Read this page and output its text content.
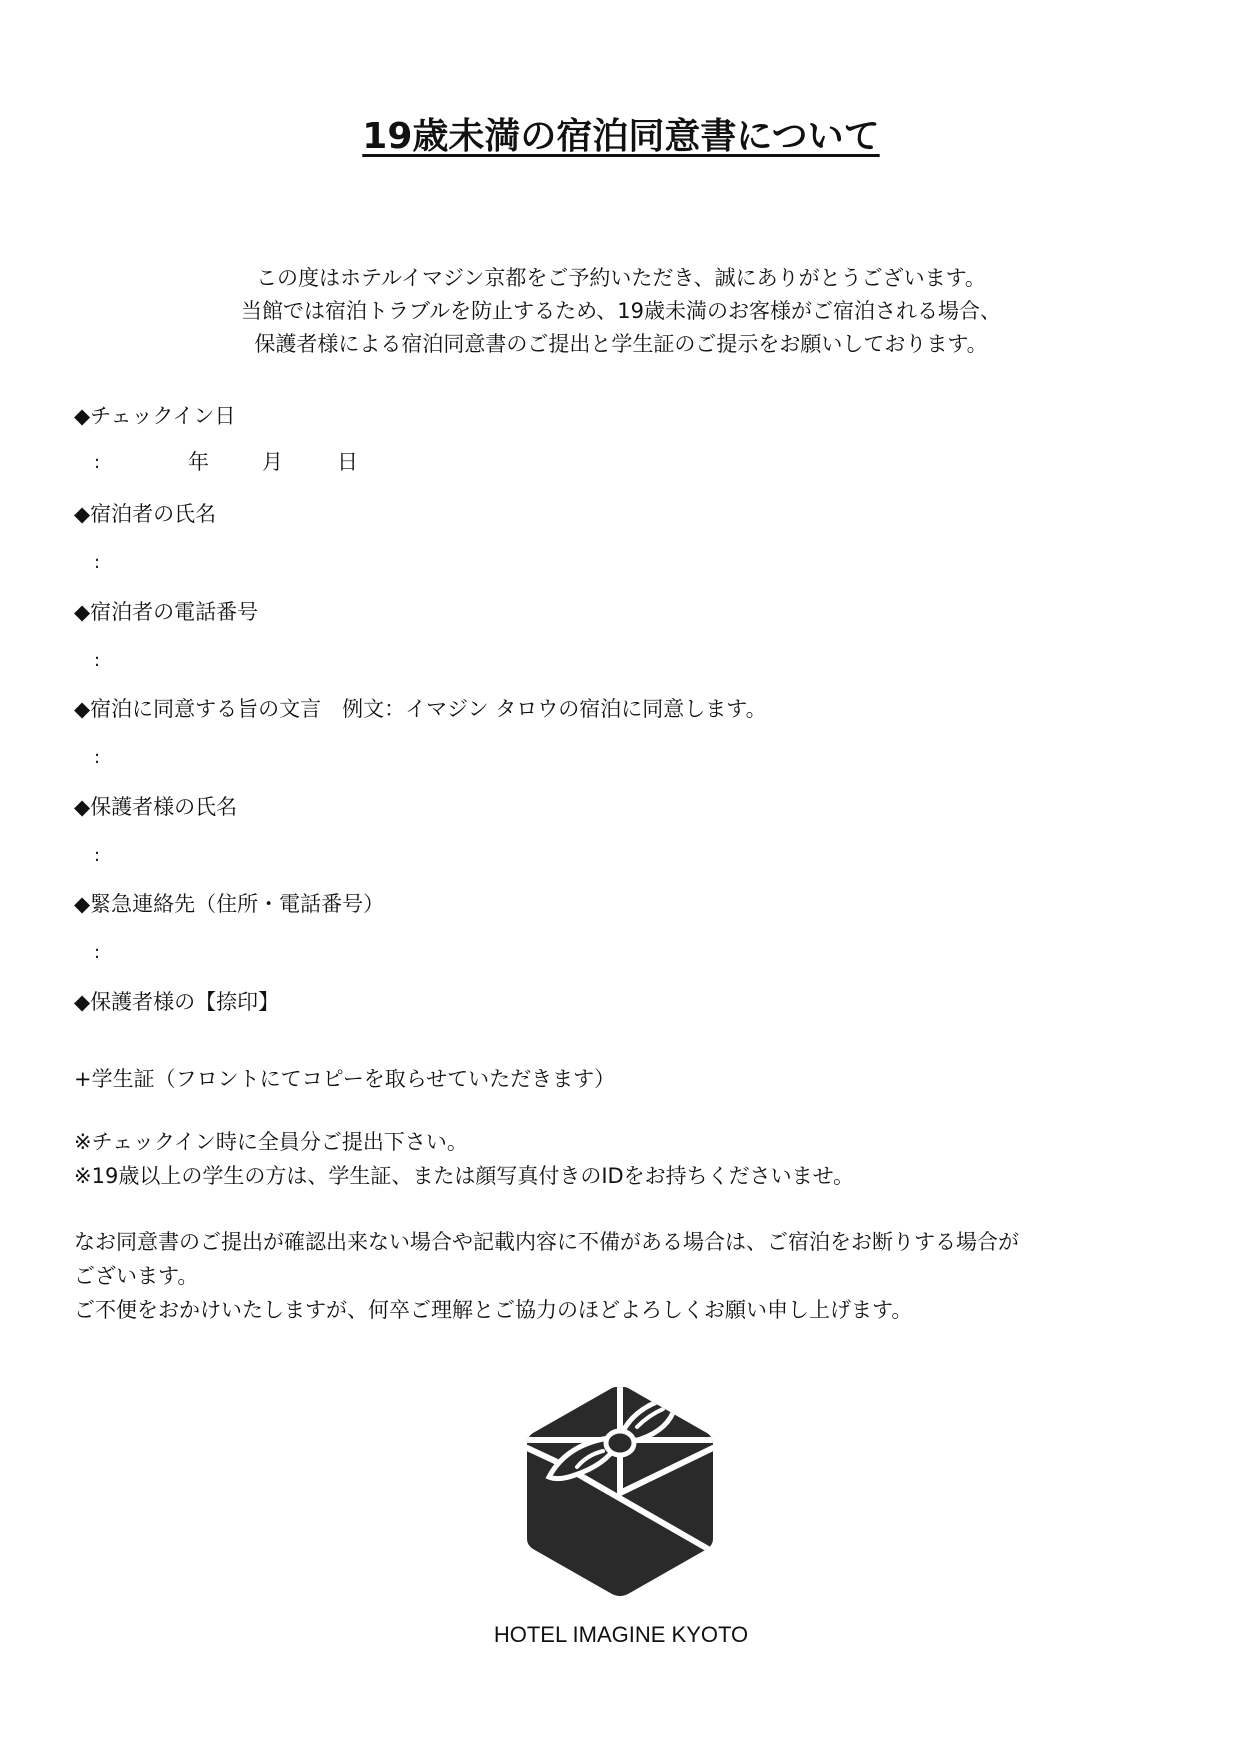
19歳未満の宿泊同意書について
この度はホテルイマジン京都をご予約いただき、誠にありがとうございます。
当館では宿泊トラブルを防止するため、19歳未満のお客様がご宿泊される場合、
保護者様による宿泊同意書のご提出と学生証のご提示をお願いしております。
◆チェックイン日
:	年	月	日
◆宿泊者の氏名
:
◆宿泊者の電話番号
:
◆宿泊に同意する旨の文言　例文：イマジン タロウの宿泊に同意します。
:
◆保護者様の氏名
:
◆緊急連絡先（住所・電話番号）
:
◆保護者様の【捺印】
+学生証（フロントにてコピーを取らせていただきます）
※チェックイン時に全員分ご提出下さい。
※19歳以上の学生の方は、学生証、または顔写真付きのIDをお持ちくださいませ。
なお同意書のご提出が確認出来ない場合や記載内容に不備がある場合は、ご宿泊をお断りする場合が
ございます。
ご不便をおかけいたしますが、何卒ご理解とご協力のほどよろしくお願い申し上げます。
HOTEL IMAGINE KYOTO
